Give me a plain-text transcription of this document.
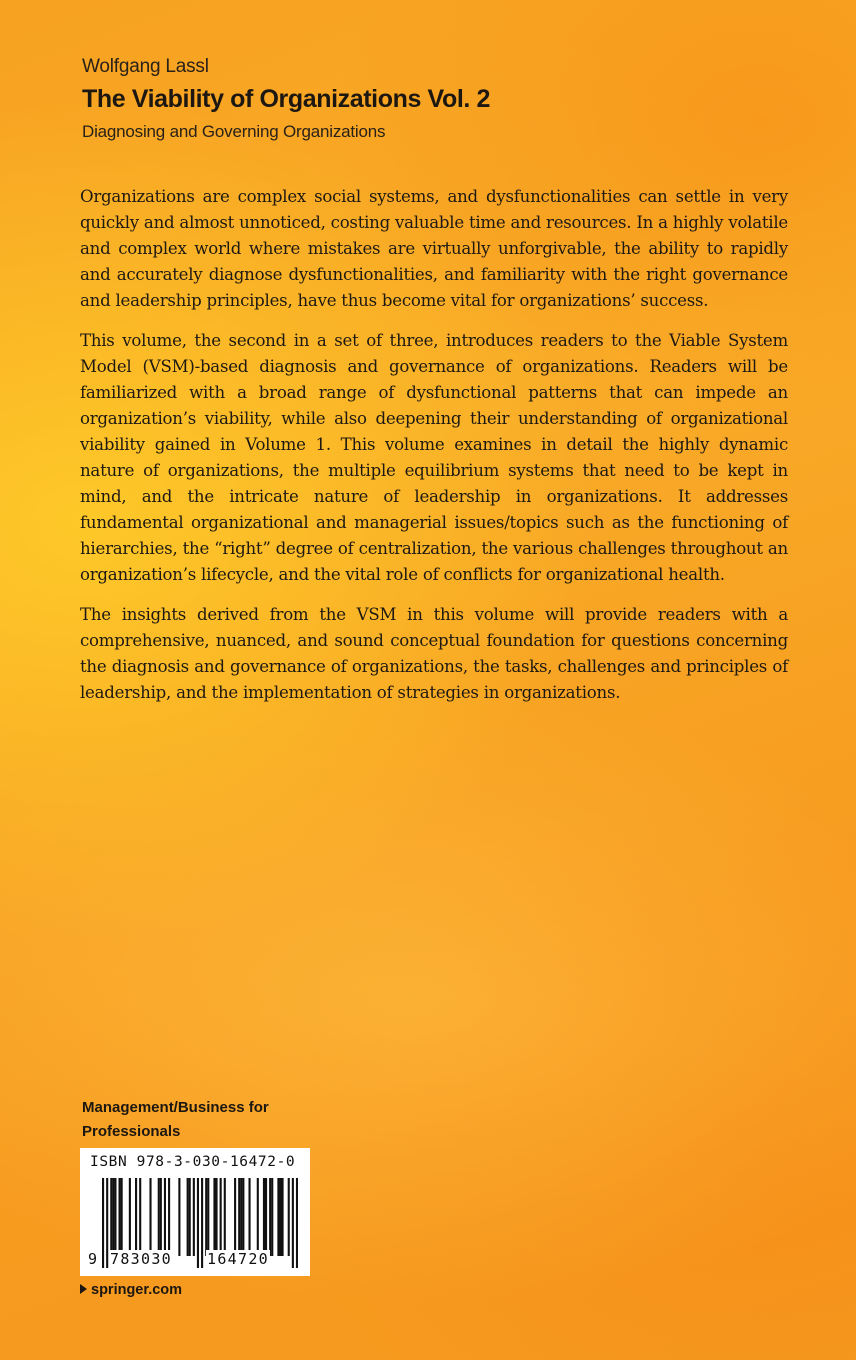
Wolfgang Lassl
The Viability of Organizations Vol. 2
Diagnosing and Governing Organizations

Organizations are complex social systems, and dysfunctionalities can settle in very quickly and almost unnoticed, costing valuable time and resources. In a highly volatile and complex world where mistakes are virtually unforgivable, the ability to rapidly and accurately diagnose dysfunctionalities, and familiarity with the right governance and leadership principles, have thus become vital for organizations’ success.

This volume, the second in a set of three, introduces readers to the Viable System Model (VSM)-based diagnosis and governance of organizations. Readers will be familiarized with a broad range of dysfunctional patterns that can impede an organization’s viability, while also deepening their understanding of organizational viability gained in Volume 1. This volume examines in detail the highly dynamic nature of organizations, the multiple equilibrium systems that need to be kept in mind, and the intricate nature of leadership in organizations. It addresses fundamental organizational and managerial issues/topics such as the functioning of hierarchies, the “right” degree of centralization, the various challenges throughout an organization’s lifecycle, and the vital role of conflicts for organizational health.

The insights derived from the VSM in this volume will provide readers with a comprehensive, nuanced, and sound conceptual foundation for questions concerning the diagnosis and governance of organizations, the tasks, challenges and principles of leadership, and the implementation of strategies in organizations.

Management/Business for Professionals
ISBN 978-3-030-16472-0
9 783030 164720
springer.com
